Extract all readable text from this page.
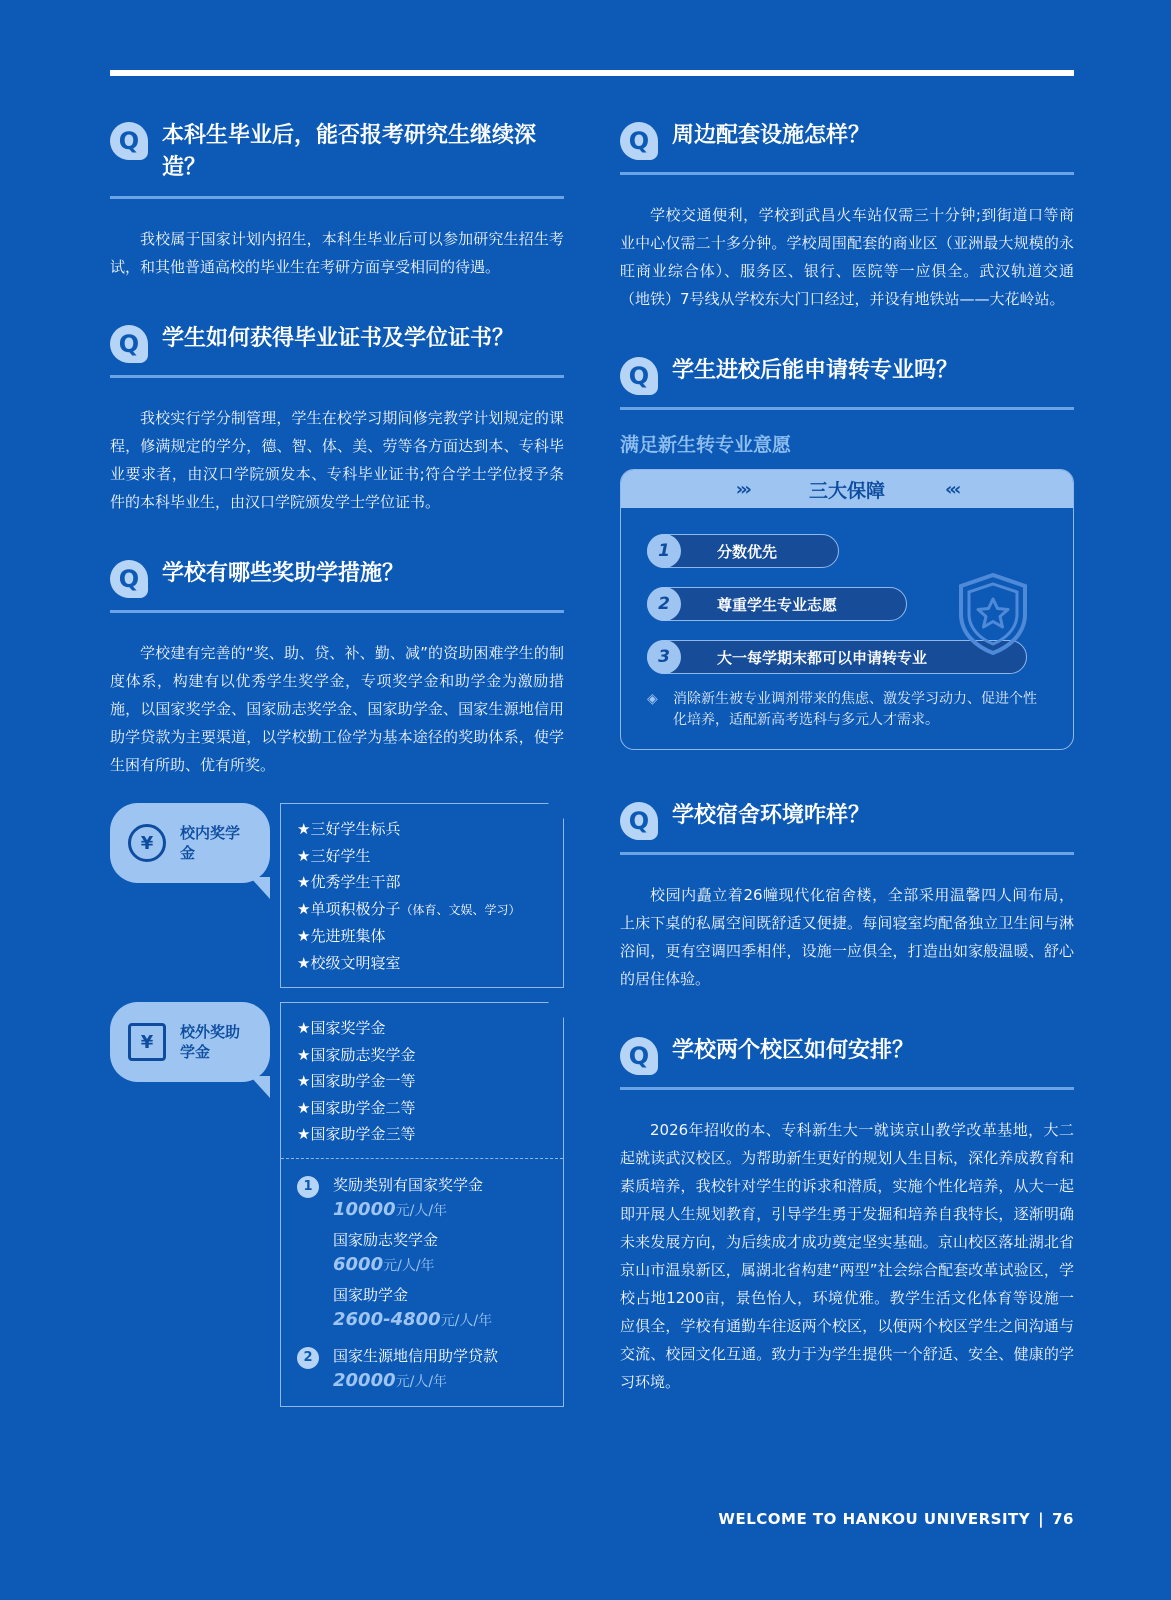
Q	本科生毕业后，能否报考研究生继续深造？

我校属于国家计划内招生，本科生毕业后可以参加研究生招生考试，和其他普通高校的毕业生在考研方面享受相同的待遇。

Q	学生如何获得毕业证书及学位证书？

我校实行学分制管理，学生在校学习期间修完教学计划规定的课程，修满规定的学分，德、智、体、美、劳等各方面达到本、专科毕业要求者，由汉口学院颁发本、专科毕业证书;符合学士学位授予条件的本科毕业生，由汉口学院颁发学士学位证书。

Q	学校有哪些奖助学措施？

学校建有完善的“奖、助、贷、补、勤、减”的资助困难学生的制度体系，构建有以优秀学生奖学金，专项奖学金和助学金为激励措施，以国家奖学金、国家励志奖学金、国家助学金、国家生源地信用助学贷款为主要渠道，以学校勤工俭学为基本途径的奖助体系，使学生困有所助、优有所奖。

¥	校内奖学金
★三好学生标兵
★三好学生
★优秀学生干部
★单项积极分子（体育、文娱、学习）
★先进班集体
★校级文明寝室
¥	校外奖助学金
★国家奖学金
★国家励志奖学金
★国家助学金一等
★国家助学金二等
★国家助学金三等
1	奖励类别有国家奖学金
10000元/人/年
国家励志奖学金
6000元/人/年
国家助学金
2600-4800元/人/年
2	国家生源地信用助学贷款
20000元/人/年
Q	周边配套设施怎样？

学校交通便利，学校到武昌火车站仅需三十分钟;到街道口等商业中心仅需二十多分钟。学校周围配套的商业区（亚洲最大规模的永旺商业综合体）、服务区、银行、医院等一应俱全。武汉轨道交通（地铁）7号线从学校东大门口经过，并设有地铁站——大花岭站。

Q	学生进校后能申请转专业吗？
满足新生转专业意愿
›››	三大保障	‹‹‹
1	分数优先
2	尊重学生专业志愿
3	大一每学期末都可以申请转专业
◈	消除新生被专业调剂带来的焦虑、激发学习动力、促进个性化培养，适配新高考选科与多元人才需求。
Q	学校宿舍环境咋样？

校园内矗立着26幢现代化宿舍楼，全部采用温馨四人间布局，上床下桌的私属空间既舒适又便捷。每间寝室均配备独立卫生间与淋浴间，更有空调四季相伴，设施一应俱全，打造出如家般温暖、舒心的居住体验。

Q	学校两个校区如何安排？

2026年招收的本、专科新生大一就读京山教学改革基地，大二起就读武汉校区。为帮助新生更好的规划人生目标，深化养成教育和素质培养，我校针对学生的诉求和潜质，实施个性化培养，从大一起即开展人生规划教育，引导学生勇于发掘和培养自我特长，逐渐明确未来发展方向，为后续成才成功奠定坚实基础。京山校区落址湖北省京山市温泉新区，属湖北省构建“两型”社会综合配套改革试验区，学校占地1200亩，景色怡人，环境优雅。教学生活文化体育等设施一应俱全，学校有通勤车往返两个校区，以便两个校区学生之间沟通与交流、校园文化互通。致力于为学生提供一个舒适、安全、健康的学习环境。

WELCOME TO HANKOU UNIVERSITY | 76
